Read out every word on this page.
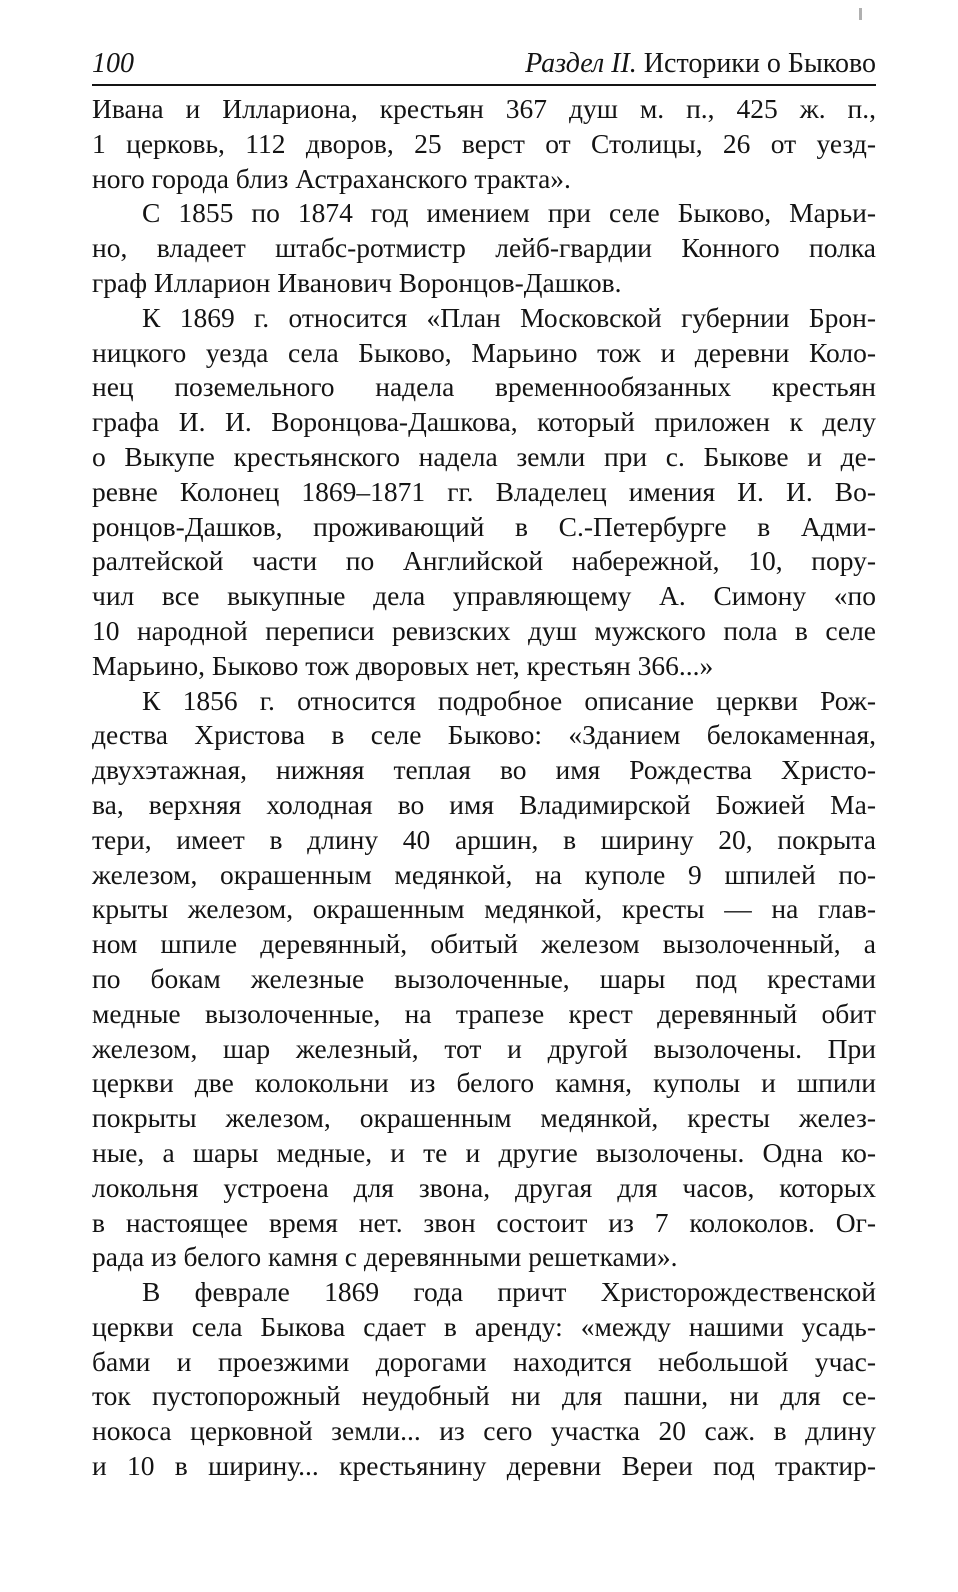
100	Раздел II. Историки о Быково
Ивана и Иллариона, крестьян 367 душ м. п., 425 ж. п.,
1 церковь, 112 дворов, 25 верст от Столицы, 26 от уезд-
ного города близ Астраханского тракта».
С 1855 по 1874 год имением при селе Быково, Марьи-
но, владеет штабс-ротмистр лейб-гвардии Конного полка
граф Илларион Иванович Воронцов-Дашков.
К 1869 г. относится «План Московской губернии Брон-
ницкого уезда села Быково, Марьино тож и деревни Коло-
нец поземельного надела временнообязанных крестьян
графа И. И. Воронцова-Дашкова, который приложен к делу
о Выкупе крестьянского надела земли при с. Быкове и де-
ревне Колонец 1869–1871 гг. Владелец имения И. И. Во-
ронцов-Дашков, проживающий в С.-Петербурге в Адми-
ралтейской части по Английской набережной, 10, пору-
чил все выкупные дела управляющему А. Симону «по
10 народной переписи ревизских душ мужского пола в селе
Марьино, Быково тож дворовых нет, крестьян 366...»
К 1856 г. относится подробное описание церкви Рож-
дества Христова в селе Быково: «Зданием белокаменная,
двухэтажная, нижняя теплая во имя Рождества Христо-
ва, верхняя холодная во имя Владимирской Божией Ма-
тери, имеет в длину 40 аршин, в ширину 20, покрыта
железом, окрашенным медянкой, на куполе 9 шпилей по-
крыты железом, окрашенным медянкой, кресты — на глав-
ном шпиле деревянный, обитый железом вызолоченный, а
по бокам железные вызолоченные, шары под крестами
медные вызолоченные, на трапезе крест деревянный обит
железом, шар железный, тот и другой вызолочены. При
церкви две колокольни из белого камня, куполы и шпили
покрыты железом, окрашенным медянкой, кресты желез-
ные, а шары медные, и те и другие вызолочены. Одна ко-
локольня устроена для звона, другая для часов, которых
в настоящее время нет. звон состоит из 7 колоколов. Ог-
рада из белого камня с деревянными решетками».
В феврале 1869 года причт Христорождественской
церкви села Быкова сдает в аренду: «между нашими усадь-
бами и проезжими дорогами находится небольшой учас-
ток пустопорожный неудобный ни для пашни, ни для се-
нокоса церковной земли... из сего участка 20 саж. в длину
и 10 в ширину... крестьянину деревни Вереи под трактир-
